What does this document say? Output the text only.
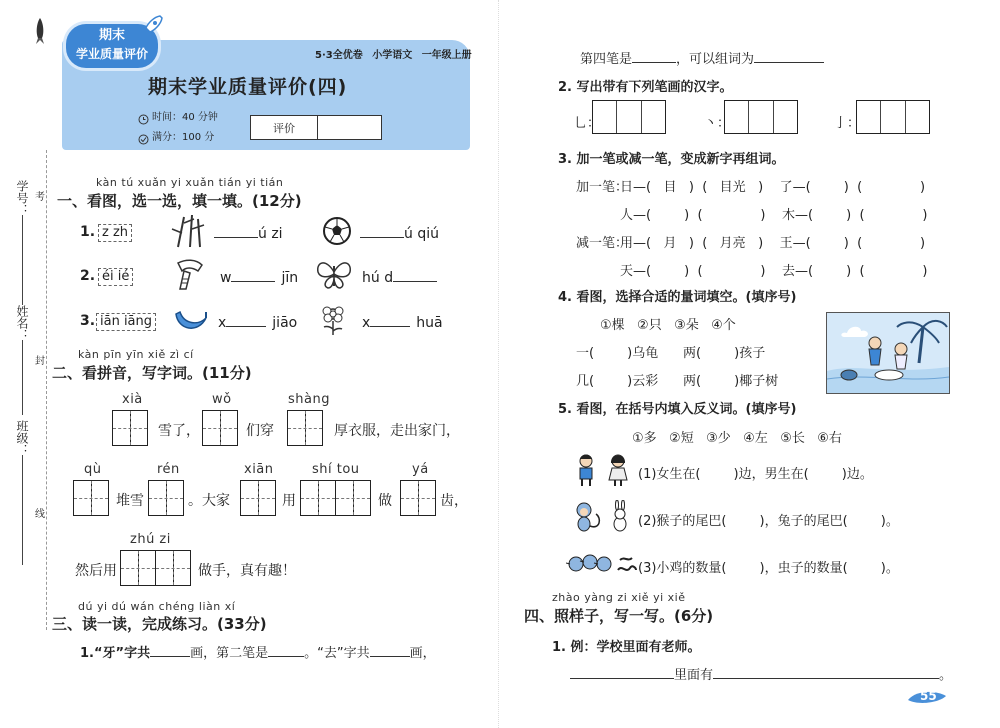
学号：
姓名：
班级：
考
封
线
期末
学业质量评价	5·3全优卷 小学语文 一年级上册
期末学业质量评价(四)
时间：40 分钟
满分：100 分
评价
kàn tú xuǎn yi xuǎn tián yi tián
一、看图，选一选，填一填。(12分)
1. z zh	ú zi	ú qiú
2. éi ié	w	jīn	hú d
3. iān iāng	x	jiāo	x	huā
kàn pīn yīn xiě zì cí
二、看拼音，写字词。(11分)
xià
雪了，
wǒ
们穿
shàng
厚衣服，走出家门，
qù
堆雪
rén
。大家
xiān
用
shí tou
做
yá
齿，
zhú zi
然后用	做手，真有趣！
dú yi dú wán chéng liàn xí
三、读一读，完成练习。(33分)
1.“牙”字共	画，第二笔是	。“去”字共	画，
第四笔是	，可以组词为
2. 写出带有下列笔画的汉字。
乚：	丶：	亅：
3. 加一笔或减一笔，变成新字再组词。
加一笔：
日—(   目   )  (   目光   )    了—(        )  (              )
人—(        )  (              )    木—(        )  (              )
减一笔：
用—(   月   )  (   月亮   )    王—(        )  (              )
天—(        )  (              )    去—(        )  (              )
4. 看图，选择合适的量词填空。(填序号)
①棵   ②只   ③朵   ④个
一(        )乌龟      两(        )孩子
几(        )云彩      两(        )椰子树
5. 看图，在括号内填入反义词。(填序号)
①多   ②短   ③少   ④左   ⑤长   ⑥右
(1)女生在(        )边，男生在(        )边。
(2)猴子的尾巴(        )，兔子的尾巴(        )。
(3)小鸡的数量(        )，虫子的数量(        )。
zhào yàng zi xiě yi xiě
四、照样子，写一写。(6分)
1. 例：学校里面有老师。
里面有	。
55
